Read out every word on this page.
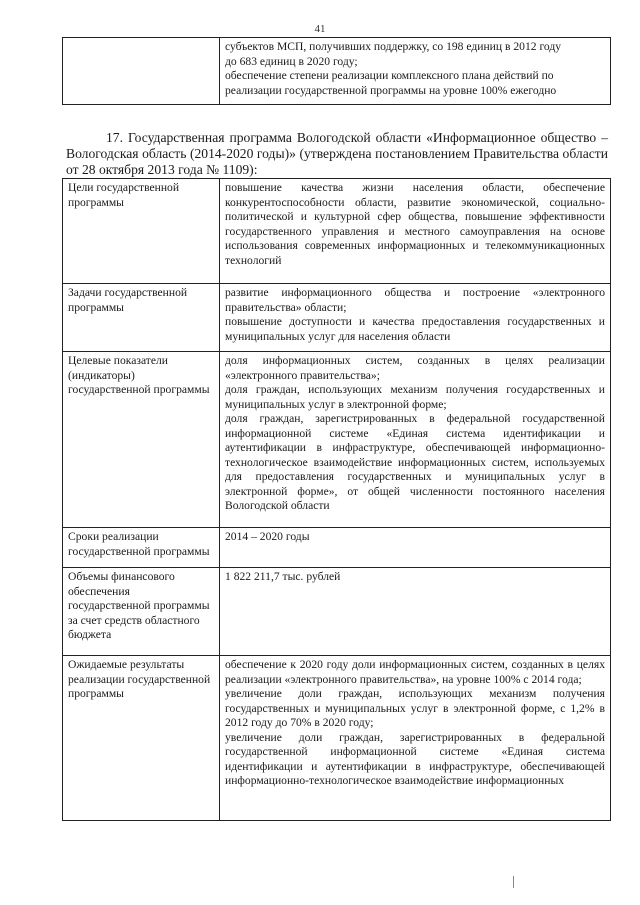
41

субъектов МСП, получивших поддержку, со 198 единиц в 2012 году
до 683 единиц в 2020 году;
обеспечение степени реализации комплексного плана действий по
реализации государственной программы на уровне 100% ежегодно
17. Государственная программа Вологодской области «Информационное общество – Вологодская область (2014-2020 годы)» (утверждена постановлением Правительства области от 28 октября 2013 года № 1109):
Цели государственной программы	повышение качества жизни населения области, обеспечение конкурентоспособности области, развитие экономической, социально-политической и культурной сфер общества, повышение эффективности государственного управления и местного самоуправления на основе использования современных информационных и телекоммуникационных технологий

Задачи государственной программы	развитие информационного общества и построение «электронного правительства» области;
повышение доступности и качества предоставления государственных и муниципальных услуг для населения области

Целевые показатели (индикаторы) государственной программы	доля информационных систем, созданных в целях реализации «электронного правительства»;
доля граждан, использующих механизм получения государственных и муниципальных услуг в электронной форме;
доля граждан, зарегистрированных в федеральной государственной информационной системе «Единая система идентификации и аутентификации в инфраструктуре, обеспечивающей информационно-технологическое взаимодействие информационных систем, используемых для предоставления государственных и муниципальных услуг в электронной форме», от общей численности постоянного населения Вологодской области

Сроки реализации государственной программы	2014 – 2020 годы

Объемы финансового обеспечения государственной программы за счет средств областного бюджета	1 822 211,7 тыс. рублей

Ожидаемые результаты реализации государственной программы	обеспечение к 2020 году доли информационных систем, созданных в целях реализации «электронного правительства», на уровне 100% с 2014 года;
увеличение доли граждан, использующих механизм получения государственных и муниципальных услуг в электронной форме, с 1,2% в 2012 году до 70% в 2020 году;
увеличение доли граждан, зарегистрированных в федеральной государственной информационной системе «Единая система идентификации и аутентификации в инфраструктуре, обеспечивающей информационно-технологическое взаимодействие информационных
